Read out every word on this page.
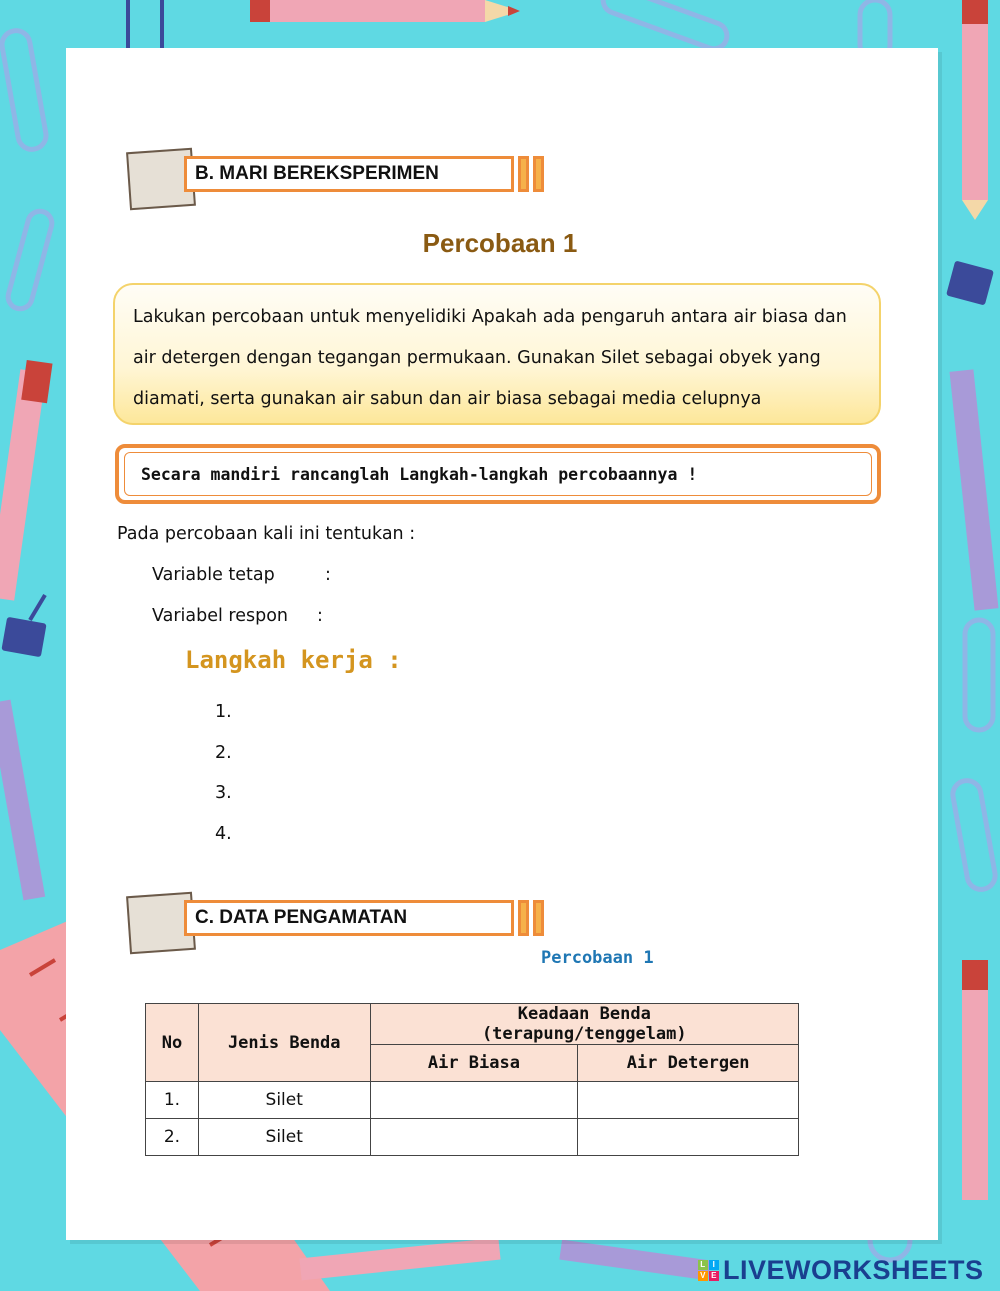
B. MARI BEREKSPERIMEN
Percobaan 1
Lakukan percobaan untuk menyelidiki Apakah ada pengaruh antara air biasa dan
air detergen dengan tegangan permukaan. Gunakan Silet sebagai obyek yang
diamati, serta gunakan air sabun dan air biasa sebagai media celupnya
Secara mandiri rancanglah Langkah-langkah percobaannya !
Pada percobaan kali ini tentukan :
Variable tetap	:
Variabel respon :
Langkah kerja :
1.
2.
3.
4.
C. DATA PENGAMATAN
Percobaan 1
No	Jenis Benda	Keadaan Benda
(terapung/tenggelam)	

		Air Biasa	Air Detergen
1.	Silet		
2.	Silet		
L I
V E LIVEWORKSHEETS
